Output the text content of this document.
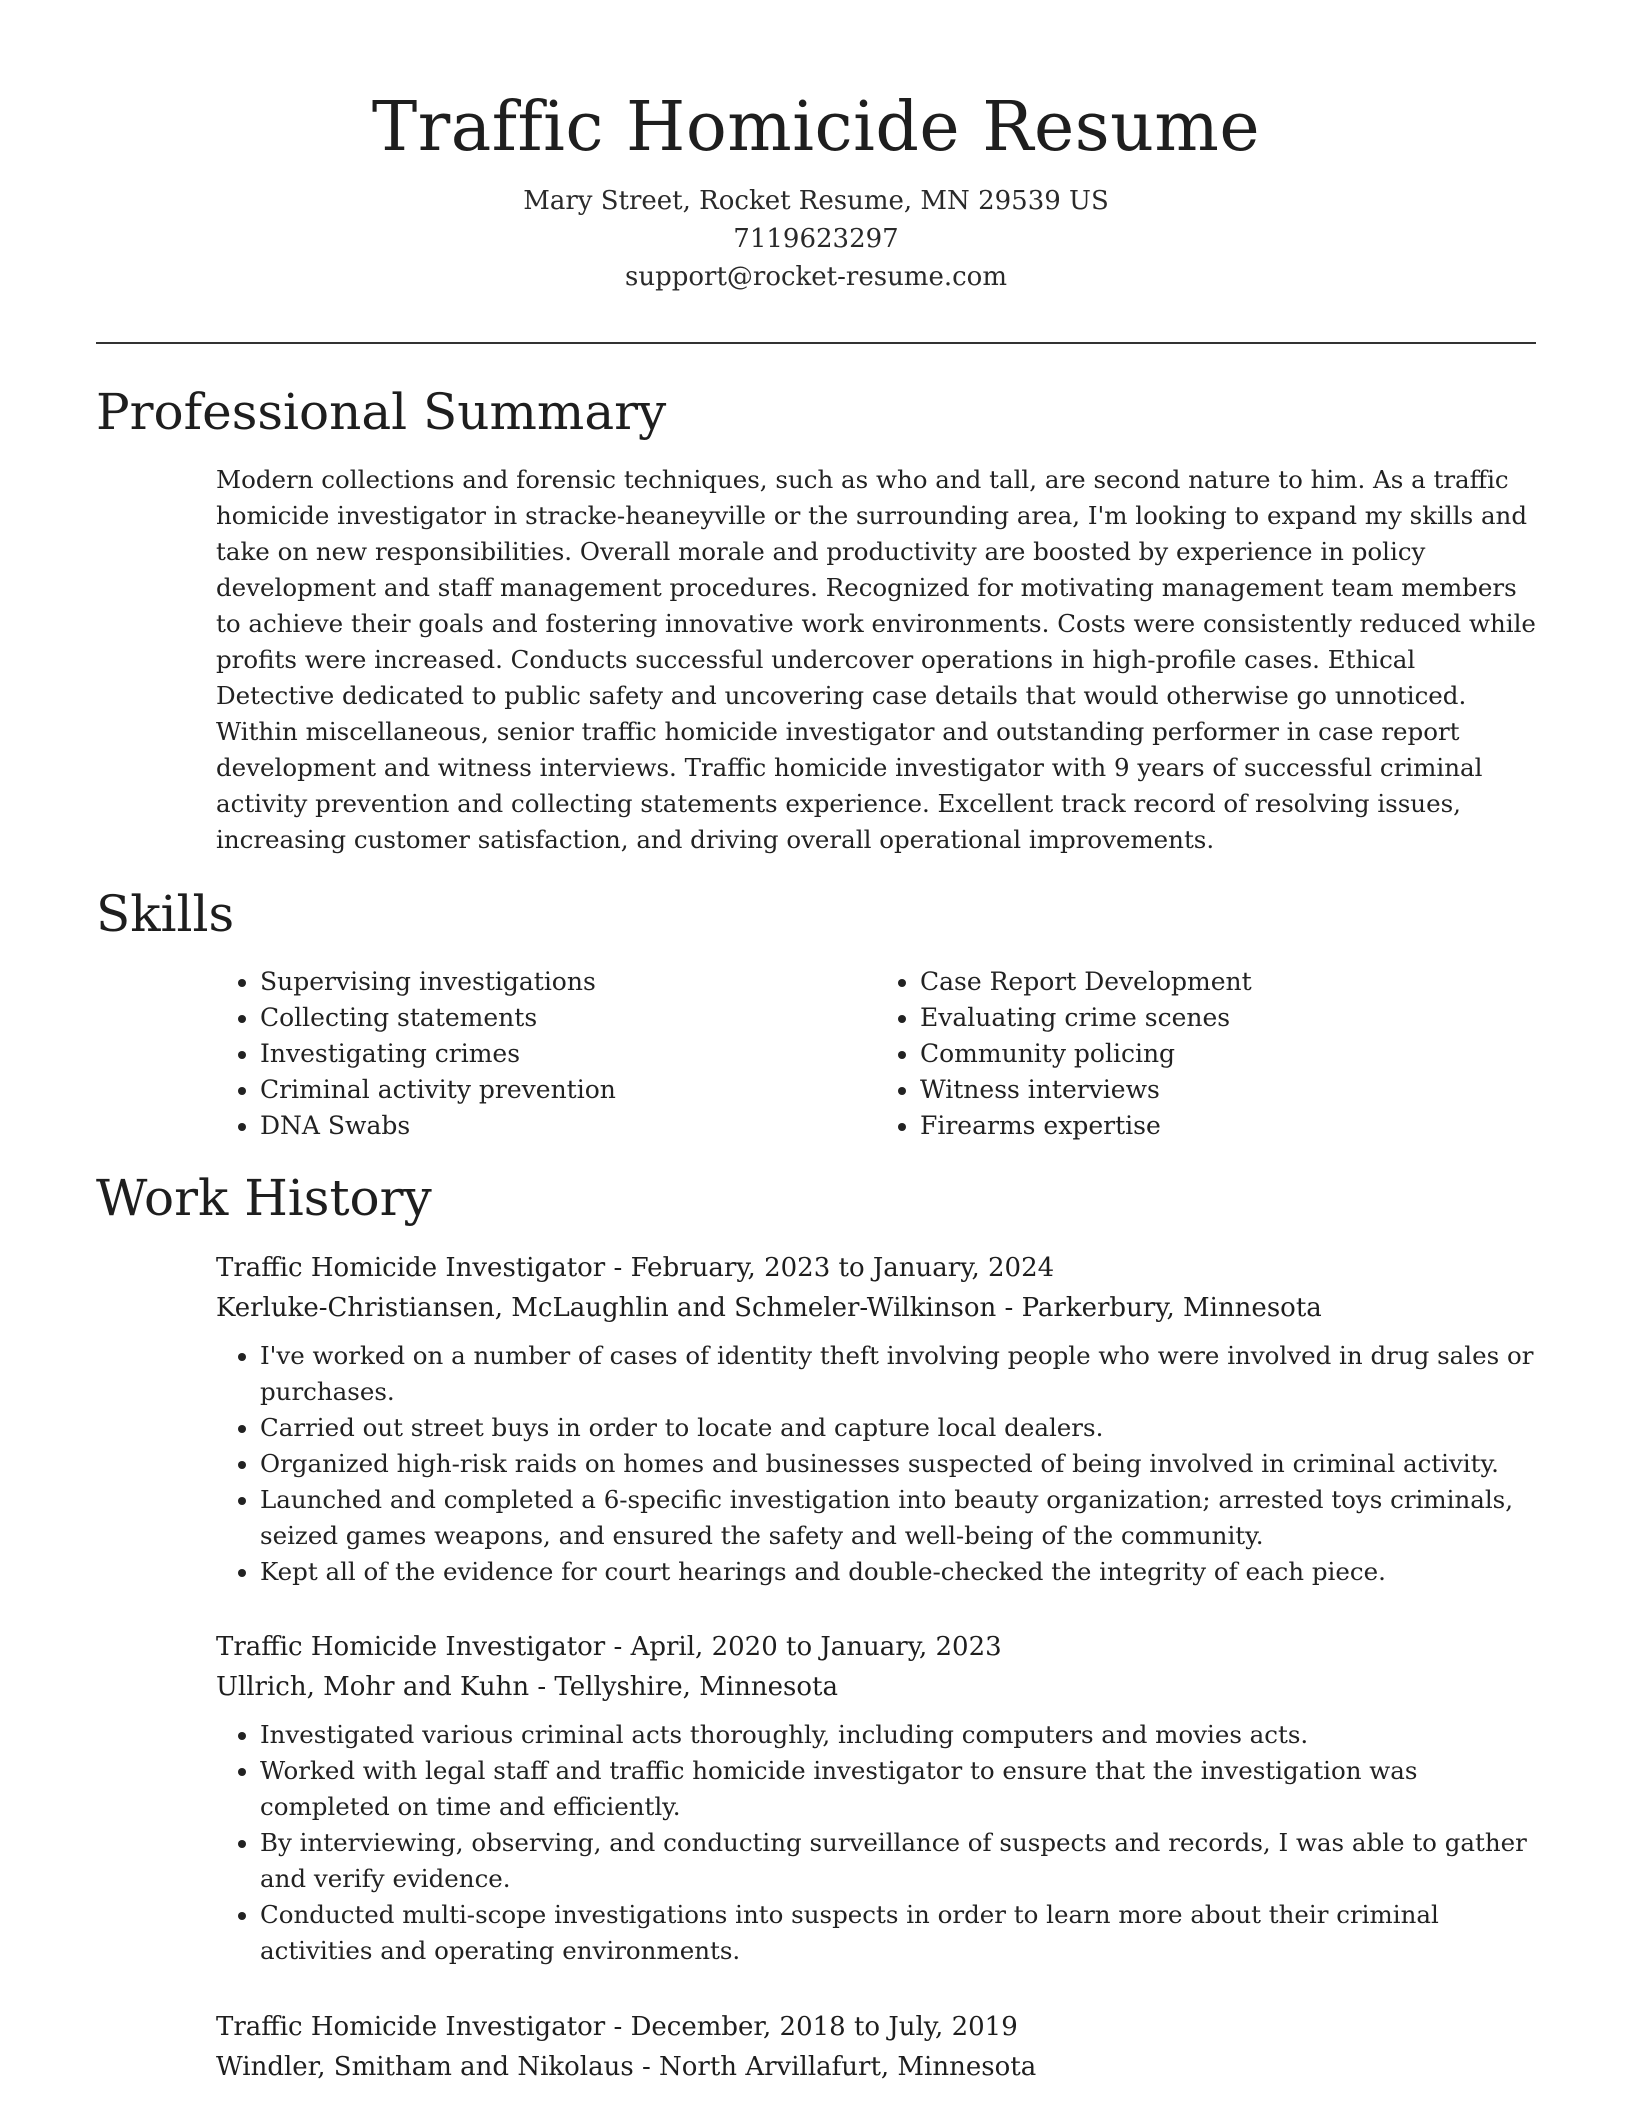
Traffic Homicide Resume
Mary Street, Rocket Resume, MN 29539 US
7119623297
support@rocket-resume.com
Professional Summary

Modern collections and forensic techniques, such as who and tall, are second nature to him. As a traffic homicide investigator in stracke-heaneyville or the surrounding area, I'm looking to expand my skills and take on new responsibilities. Overall morale and productivity are boosted by experience in policy development and staff management procedures. Recognized for motivating management team members to achieve their goals and fostering innovative work environments. Costs were consistently reduced while profits were increased. Conducts successful undercover operations in high-profile cases. Ethical Detective dedicated to public safety and uncovering case details that would otherwise go unnoticed. Within miscellaneous, senior traffic homicide investigator and outstanding performer in case report development and witness interviews. Traffic homicide investigator with 9 years of successful criminal activity prevention and collecting statements experience. Excellent track record of resolving issues, increasing customer satisfaction, and driving overall operational improvements.

Skills
• Supervising investigations
• Collecting statements
• Investigating crimes
• Criminal activity prevention
• DNA Swabs
• Case Report Development
• Evaluating crime scenes
• Community policing
• Witness interviews
• Firearms expertise
Work History
Traffic Homicide Investigator - February, 2023 to January, 2024
Kerluke-Christiansen, McLaughlin and Schmeler-Wilkinson - Parkerbury, Minnesota
• I've worked on a number of cases of identity theft involving people who were involved in drug sales or purchases.
• Carried out street buys in order to locate and capture local dealers.
• Organized high-risk raids on homes and businesses suspected of being involved in criminal activity.
• Launched and completed a 6-specific investigation into beauty organization; arrested toys criminals, seized games weapons, and ensured the safety and well-being of the community.
• Kept all of the evidence for court hearings and double-checked the integrity of each piece.
Traffic Homicide Investigator - April, 2020 to January, 2023
Ullrich, Mohr and Kuhn - Tellyshire, Minnesota
• Investigated various criminal acts thoroughly, including computers and movies acts.
• Worked with legal staff and traffic homicide investigator to ensure that the investigation was completed on time and efficiently.
• By interviewing, observing, and conducting surveillance of suspects and records, I was able to gather and verify evidence.
• Conducted multi-scope investigations into suspects in order to learn more about their criminal activities and operating environments.
Traffic Homicide Investigator - December, 2018 to July, 2019
Windler, Smitham and Nikolaus - North Arvillafurt, Minnesota
